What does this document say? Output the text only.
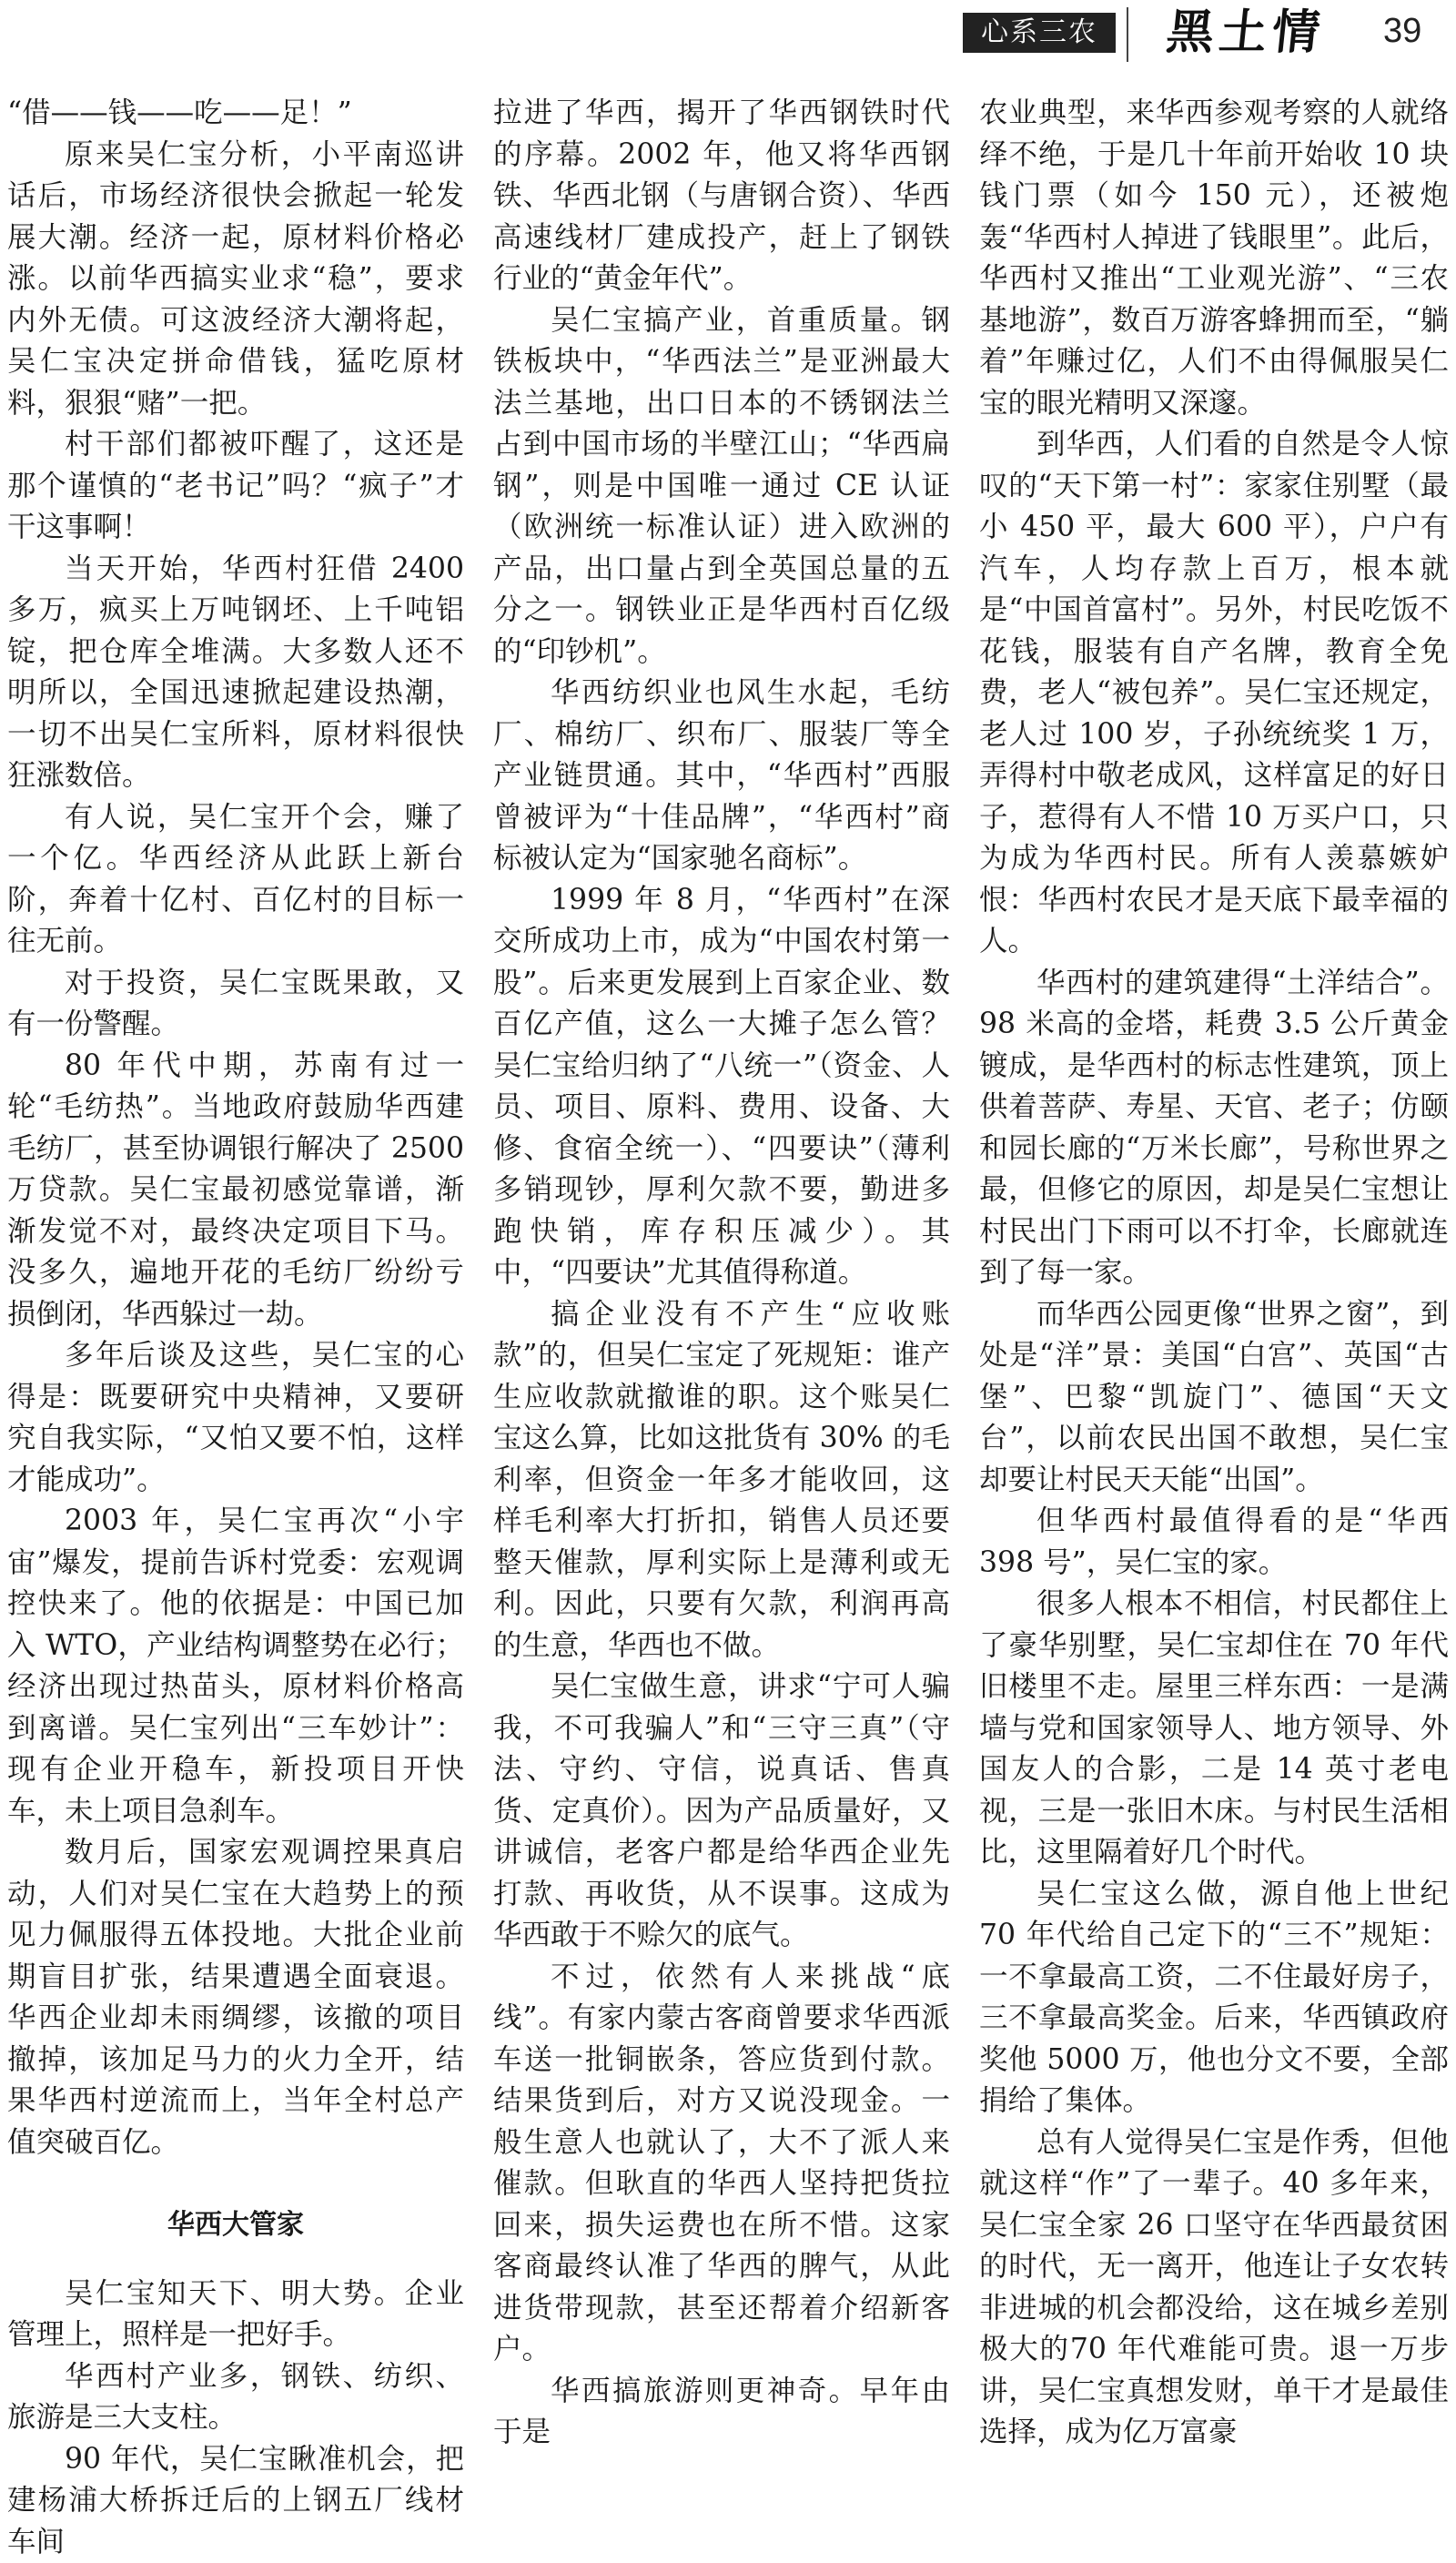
心系三农	黑土情 39

“借——钱——吃——足！”

原来吴仁宝分析，小平南巡讲话后，市场经济很快会掀起一轮发展大潮。经济一起，原材料价格必涨。以前华西搞实业求“稳”，要求内外无债。可这波经济大潮将起，吴仁宝决定拼命借钱，猛吃原材料，狠狠“赌”一把。

村干部们都被吓醒了，这还是那个谨慎的“老书记”吗？“疯子”才干这事啊！

当天开始，华西村狂借 2400 多万，疯买上万吨钢坯、上千吨铝锭，把仓库全堆满。大多数人还不明所以，全国迅速掀起建设热潮，一切不出吴仁宝所料，原材料很快狂涨数倍。

有人说，吴仁宝开个会，赚了一个亿。华西经济从此跃上新台阶，奔着十亿村、百亿村的目标一往无前。

对于投资，吴仁宝既果敢，又有一份警醒。

80 年代中期，苏南有过一轮“毛纺热”。当地政府鼓励华西建毛纺厂，甚至协调银行解决了 2500 万贷款。吴仁宝最初感觉靠谱，渐渐发觉不对，最终决定项目下马。没多久，遍地开花的毛纺厂纷纷亏损倒闭，华西躲过一劫。

多年后谈及这些，吴仁宝的心得是：既要研究中央精神，又要研究自我实际，“又怕又要不怕，这样才能成功”。

2003 年，吴仁宝再次“小宇宙”爆发，提前告诉村党委：宏观调控快来了。他的依据是：中国已加入 WTO，产业结构调整势在必行；经济出现过热苗头，原材料价格高到离谱。吴仁宝列出“三车妙计”：现有企业开稳车，新投项目开快车，未上项目急刹车。

数月后，国家宏观调控果真启动，人们对吴仁宝在大趋势上的预见力佩服得五体投地。大批企业前期盲目扩张，结果遭遇全面衰退。华西企业却未雨绸缪，该撤的项目撤掉，该加足马力的火力全开，结果华西村逆流而上，当年全村总产值突破百亿。

华西大管家

吴仁宝知天下、明大势。企业管理上，照样是一把好手。

华西村产业多，钢铁、纺织、旅游是三大支柱。

90 年代，吴仁宝瞅准机会，把建杨浦大桥拆迁后的上钢五厂线材车间

拉进了华西，揭开了华西钢铁时代的序幕。2002 年，他又将华西钢铁、华西北钢（与唐钢合资）、华西高速线材厂建成投产，赶上了钢铁行业的“黄金年代”。

吴仁宝搞产业，首重质量。钢铁板块中，“华西法兰”是亚洲最大法兰基地，出口日本的不锈钢法兰占到中国市场的半壁江山；“华西扁钢”，则是中国唯一通过 CE 认证（欧洲统一标准认证）进入欧洲的产品，出口量占到全英国总量的五分之一。钢铁业正是华西村百亿级的“印钞机”。

华西纺织业也风生水起，毛纺厂、棉纺厂、织布厂、服装厂等全产业链贯通。其中，“华西村”西服曾被评为“十佳品牌”，“华西村”商标被认定为“国家驰名商标”。

1999 年 8 月，“华西村”在深交所成功上市，成为“中国农村第一股”。后来更发展到上百家企业、数百亿产值，这么一大摊子怎么管？吴仁宝给归纳了“八统一”（资金、人员、项目、原料、费用、设备、大修、食宿全统一）、“四要诀”（薄利多销现钞，厚利欠款不要，勤进多跑快销，库存积压减少）。其中，“四要诀”尤其值得称道。

搞企业没有不产生“应收账款”的，但吴仁宝定了死规矩：谁产生应收款就撤谁的职。这个账吴仁宝这么算，比如这批货有 30% 的毛利率，但资金一年多才能收回，这样毛利率大打折扣，销售人员还要整天催款，厚利实际上是薄利或无利。因此，只要有欠款，利润再高的生意，华西也不做。

吴仁宝做生意，讲求“宁可人骗我，不可我骗人”和“三守三真”（守法、守约、守信，说真话、售真货、定真价）。因为产品质量好，又讲诚信，老客户都是给华西企业先打款、再收货，从不误事。这成为华西敢于不赊欠的底气。

不过，依然有人来挑战“底线”。有家内蒙古客商曾要求华西派车送一批铜嵌条，答应货到付款。结果货到后，对方又说没现金。一般生意人也就认了，大不了派人来催款。但耿直的华西人坚持把货拉回来，损失运费也在所不惜。这家客商最终认准了华西的脾气，从此进货带现款，甚至还帮着介绍新客户。

华西搞旅游则更神奇。早年由于是

农业典型，来华西参观考察的人就络绎不绝，于是几十年前开始收 10 块钱门票（如今 150 元），还被炮轰“华西村人掉进了钱眼里”。此后，华西村又推出“工业观光游”、“三农基地游”，数百万游客蜂拥而至，“躺着”年赚过亿，人们不由得佩服吴仁宝的眼光精明又深邃。

到华西，人们看的自然是令人惊叹的“天下第一村”：家家住别墅（最小 450 平，最大 600 平），户户有汽车，人均存款上百万，根本就是“中国首富村”。另外，村民吃饭不花钱，服装有自产名牌，教育全免费，老人“被包养”。吴仁宝还规定，老人过 100 岁，子孙统统奖 1 万，弄得村中敬老成风，这样富足的好日子，惹得有人不惜 10 万买户口，只为成为华西村民。所有人羡慕嫉妒恨：华西村农民才是天底下最幸福的人。

华西村的建筑建得“土洋结合”。98 米高的金塔，耗费 3.5 公斤黄金镀成，是华西村的标志性建筑，顶上供着菩萨、寿星、天官、老子；仿颐和园长廊的“万米长廊”，号称世界之最，但修它的原因，却是吴仁宝想让村民出门下雨可以不打伞，长廊就连到了每一家。

而华西公园更像“世界之窗”，到处是“洋”景：美国“白宫”、英国“古堡”、巴黎“凯旋门”、德国“天文台”，以前农民出国不敢想，吴仁宝却要让村民天天能“出国”。

但华西村最值得看的是“华西 398 号”，吴仁宝的家。

很多人根本不相信，村民都住上了豪华别墅，吴仁宝却住在 70 年代旧楼里不走。屋里三样东西：一是满墙与党和国家领导人、地方领导、外国友人的合影，二是 14 英寸老电视，三是一张旧木床。与村民生活相比，这里隔着好几个时代。

吴仁宝这么做，源自他上世纪 70 年代给自己定下的“三不”规矩：一不拿最高工资，二不住最好房子，三不拿最高奖金。后来，华西镇政府奖他 5000 万，他也分文不要，全部捐给了集体。

总有人觉得吴仁宝是作秀，但他就这样“作”了一辈子。40 多年来，吴仁宝全家 26 口坚守在华西最贫困的时代，无一离开，他连让子女农转非进城的机会都没给，这在城乡差别极大的70 年代难能可贵。退一万步讲，吴仁宝真想发财，单干才是最佳选择，成为亿万富豪
